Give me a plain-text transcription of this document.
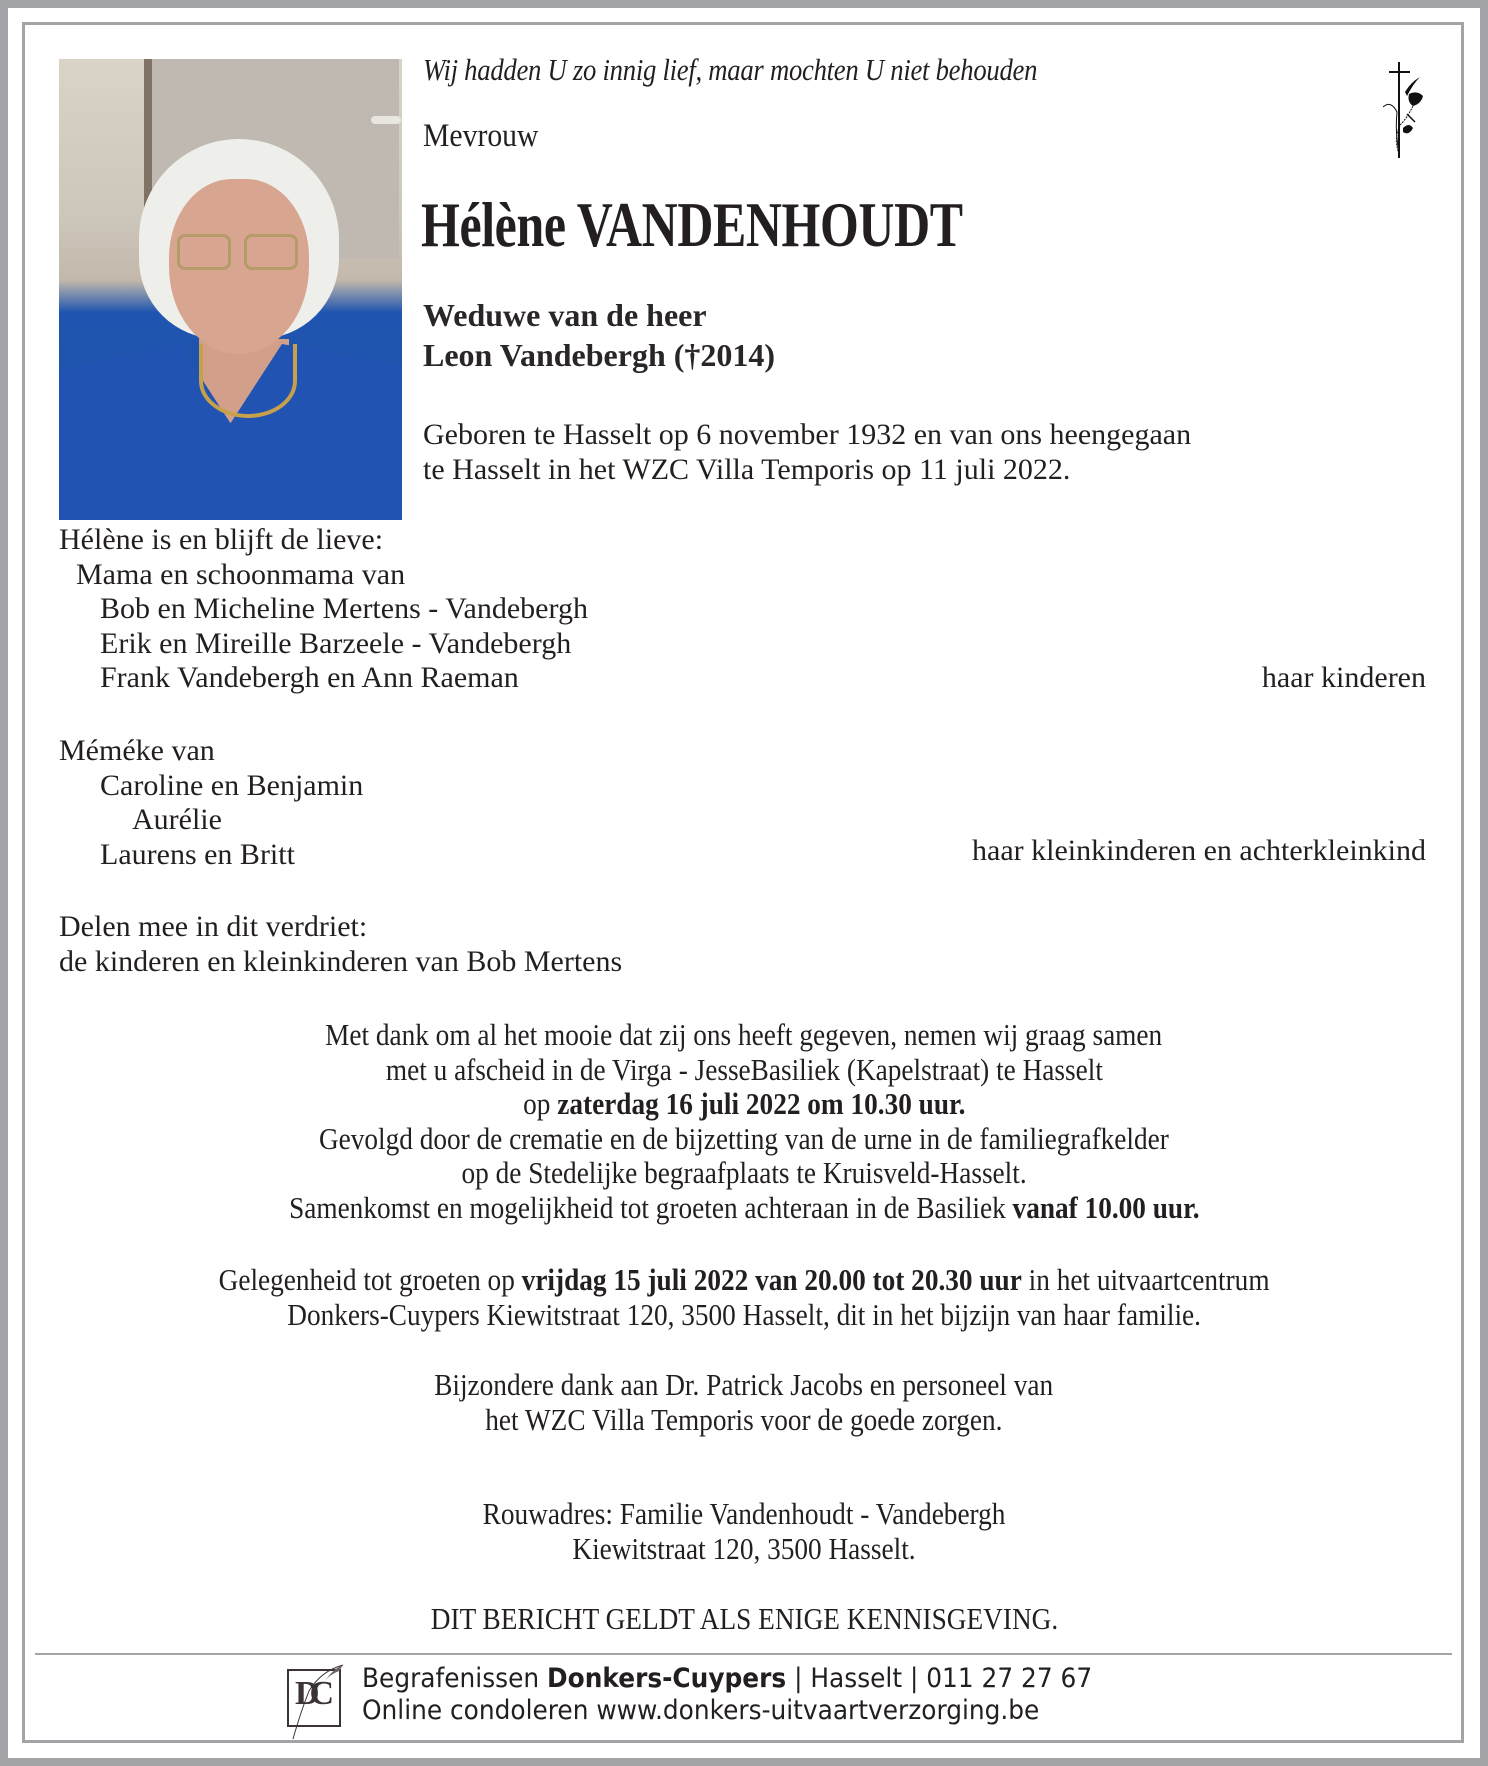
Wij hadden U zo innig lief, maar mochten U niet behouden
Mevrouw
Hélène VANDENHOUDT
Weduwe van de heer
Leon Vandebergh (†2014)
Geboren te Hasselt op 6 november 1932 en van ons heengegaan
te Hasselt in het WZC Villa Temporis op 11 juli 2022.
Hélène is en blijft de lieve:
Mama en schoonmama van
Bob en Micheline Mertens - Vandebergh
Erik en Mireille Barzeele - Vandebergh
Frank Vandebergh en Ann Raeman	haar kinderen
Méméke van
Caroline en Benjamin
Aurélie
Laurens en Britt	haar kleinkinderen en achterkleinkind
Delen mee in dit verdriet:
de kinderen en kleinkinderen van Bob Mertens
Met dank om al het mooie dat zij ons heeft gegeven, nemen wij graag samen
met u afscheid in de Virga - JesseBasiliek (Kapelstraat) te Hasselt
op zaterdag 16 juli 2022 om 10.30 uur.
Gevolgd door de crematie en de bijzetting van de urne in de familiegrafkelder
op de Stedelijke begraafplaats te Kruisveld-Hasselt.
Samenkomst en mogelijkheid tot groeten achteraan in de Basiliek vanaf 10.00 uur.
Gelegenheid tot groeten op vrijdag 15 juli 2022 van 20.00 tot 20.30 uur in het uitvaartcentrum
Donkers-Cuypers Kiewitstraat 120, 3500 Hasselt, dit in het bijzijn van haar familie.
Bijzondere dank aan Dr. Patrick Jacobs en personeel van
het WZC Villa Temporis voor de goede zorgen.
Rouwadres: Familie Vandenhoudt - Vandebergh
Kiewitstraat 120, 3500 Hasselt.
DIT BERICHT GELDT ALS ENIGE KENNISGEVING.
DC Begrafenissen Donkers-Cuypers | Hasselt | 011 27 27 67
Online condoleren www.donkers-uitvaartverzorging.be
